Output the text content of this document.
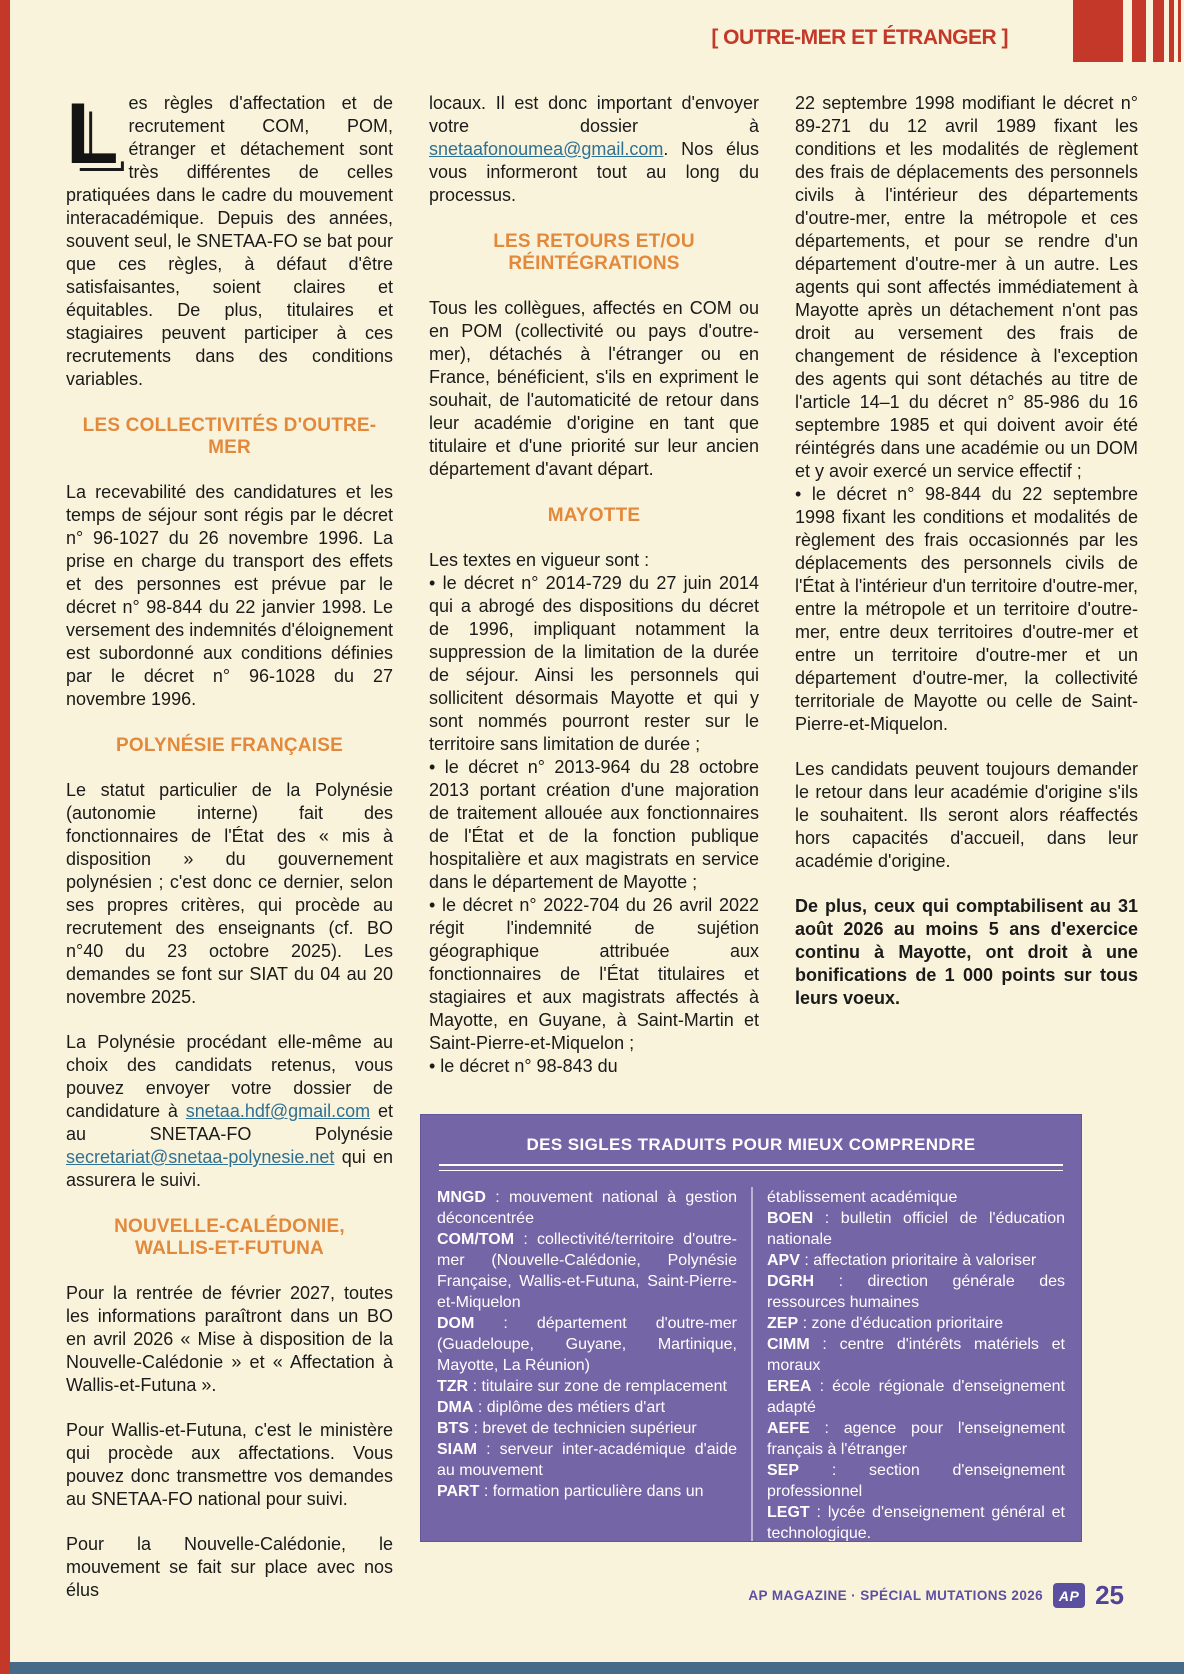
[ OUTRE-MER ET ÉTRANGER ]

Les règles d'affectation et de recrutement COM, POM, étranger et détachement sont très différentes de celles pratiquées dans le cadre du mouvement interacadémique. Depuis des années, souvent seul, le SNETAA-FO se bat pour que ces règles, à défaut d'être satisfaisantes, soient claires et équitables. De plus, titulaires et stagiaires peuvent participer à ces recrutements dans des conditions variables.

LES COLLECTIVITÉS D'OUTRE-MER

La recevabilité des candidatures et les temps de séjour sont régis par le décret n° 96-1027 du 26 novembre 1996. La prise en charge du transport des effets et des personnes est prévue par le décret n° 98-844 du 22 janvier 1998. Le versement des indemnités d'éloignement est subordonné aux conditions définies par le décret n° 96-1028 du 27 novembre 1996.

POLYNÉSIE FRANÇAISE

Le statut particulier de la Polynésie (autonomie interne) fait des fonctionnaires de l'État des « mis à disposition » du gouvernement polynésien ; c'est donc ce dernier, selon ses propres critères, qui procède au recrutement des enseignants (cf. BO n°40 du 23 octobre 2025). Les demandes se font sur SIAT du 04 au 20 novembre 2025.

La Polynésie procédant elle-même au choix des candidats retenus, vous pouvez envoyer votre dossier de candidature à snetaa.hdf@gmail.com et au SNETAA-FO Polynésie secretariat@snetaa-polynesie.net qui en assurera le suivi.

NOUVELLE-CALÉDONIE, WALLIS-ET-FUTUNA

Pour la rentrée de février 2027, toutes les informations paraîtront dans un BO en avril 2026 « Mise à disposition de la Nouvelle-Calédonie » et « Affectation à Wallis-et-Futuna ».

Pour Wallis-et-Futuna, c'est le ministère qui procède aux affectations. Vous pouvez donc transmettre vos demandes au SNETAA-FO national pour suivi.

Pour la Nouvelle-Calédonie, le mouvement se fait sur place avec nos élus

locaux. Il est donc important d'envoyer votre dossier à snetaafonoumea@gmail.com. Nos élus vous informeront tout au long du processus.

LES RETOURS ET/OU RÉINTÉGRATIONS

Tous les collègues, affectés en COM ou en POM (collectivité ou pays d'outre-mer), détachés à l'étranger ou en France, bénéficient, s'ils en expriment le souhait, de l'automaticité de retour dans leur académie d'origine en tant que titulaire et d'une priorité sur leur ancien département d'avant départ.

MAYOTTE

Les textes en vigueur sont :

• le décret n° 2014-729 du 27 juin 2014 qui a abrogé des dispositions du décret de 1996, impliquant notamment la suppression de la limitation de la durée de séjour. Ainsi les personnels qui sollicitent désormais Mayotte et qui y sont nommés pourront rester sur le territoire sans limitation de durée ;

• le décret n° 2013-964 du 28 octobre 2013 portant création d'une majoration de traitement allouée aux fonctionnaires de l'État et de la fonction publique hospitalière et aux magistrats en service dans le département de Mayotte ;

• le décret n° 2022-704 du 26 avril 2022 régit l'indemnité de sujétion géographique attribuée aux fonctionnaires de l'État titulaires et stagiaires et aux magistrats affectés à Mayotte, en Guyane, à Saint-Martin et Saint-Pierre-et-Miquelon ;

• le décret n° 98-843 du

22 septembre 1998 modifiant le décret n° 89-271 du 12 avril 1989 fixant les conditions et les modalités de règlement des frais de déplacements des personnels civils à l'intérieur des départements d'outre-mer, entre la métropole et ces départements, et pour se rendre d'un département d'outre-mer à un autre. Les agents qui sont affectés immédiatement à Mayotte après un détachement n'ont pas droit au versement des frais de changement de résidence à l'exception des agents qui sont détachés au titre de l'article 14–1 du décret n° 85-986 du 16 septembre 1985 et qui doivent avoir été réintégrés dans une académie ou un DOM et y avoir exercé un service effectif ;

• le décret n° 98-844 du 22 septembre 1998 fixant les conditions et modalités de règlement des frais occasionnés par les déplacements des personnels civils de l'État à l'intérieur d'un territoire d'outre-mer, entre la métropole et un territoire d'outre-mer, entre deux territoires d'outre-mer et entre un territoire d'outre-mer et un département d'outre-mer, la collectivité territoriale de Mayotte ou celle de Saint-Pierre-et-Miquelon.

Les candidats peuvent toujours demander le retour dans leur académie d'origine s'ils le souhaitent. Ils seront alors réaffectés hors capacités d'accueil, dans leur académie d'origine.

De plus, ceux qui comptabilisent au 31 août 2026 au moins 5 ans d'exercice continu à Mayotte, ont droit à une bonifications de 1 000 points sur tous leurs voeux.

DES SIGLES TRADUITS POUR MIEUX COMPRENDRE
MNGD : mouvement national à gestion déconcentrée
COM/TOM : collectivité/territoire d'outre-mer (Nouvelle-Calédonie, Polynésie Française, Wallis-et-Futuna, Saint-Pierre-et-Miquelon
DOM : département d'outre-mer (Guadeloupe, Guyane, Martinique, Mayotte, La Réunion)
TZR : titulaire sur zone de remplacement
DMA : diplôme des métiers d'art
BTS : brevet de technicien supérieur
SIAM : serveur inter-académique d'aide au mouvement
PART : formation particulière dans un
établissement académique
BOEN : bulletin officiel de l'éducation nationale
APV : affectation prioritaire à valoriser
DGRH : direction générale des ressources humaines
ZEP : zone d'éducation prioritaire
CIMM : centre d'intérêts matériels et moraux
EREA : école régionale d'enseignement adapté
AEFE : agence pour l'enseignement français à l'étranger
SEP : section d'enseignement professionnel
LEGT : lycée d'enseignement général et technologique.
AP MAGAZINE · SPÉCIAL MUTATIONS 2026	AP 25
